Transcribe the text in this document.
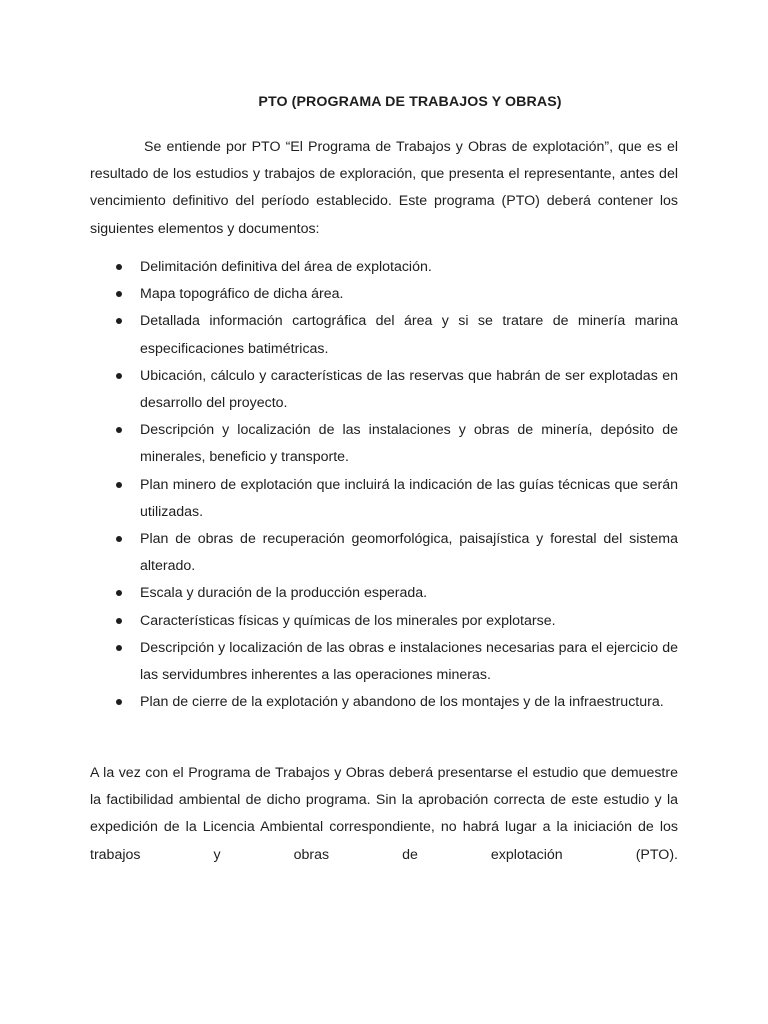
PTO (PROGRAMA DE TRABAJOS Y OBRAS)

Se entiende por PTO “El Programa de Trabajos y Obras de explotación”, que es el resultado de los estudios y trabajos de exploración, que presenta el representante, antes del vencimiento definitivo del período establecido. Este programa (PTO) deberá contener los siguientes elementos y documentos:

Delimitación definitiva del área de explotación.
Mapa topográfico de dicha área.
Detallada información cartográfica del área y si se tratare de minería marina especificaciones batimétricas.
Ubicación, cálculo y características de las reservas que habrán de ser explotadas en desarrollo del proyecto.
Descripción y localización de las instalaciones y obras de minería, depósito de minerales, beneficio y transporte.
Plan minero de explotación que incluirá la indicación de las guías técnicas que serán utilizadas.
Plan de obras de recuperación geomorfológica, paisajística y forestal del sistema alterado.
Escala y duración de la producción esperada.
Características físicas y químicas de los minerales por explotarse.
Descripción y localización de las obras e instalaciones necesarias para el ejercicio de las servidumbres inherentes a las operaciones mineras.
Plan de cierre de la explotación y abandono de los montajes y de la infraestructura.

A la vez con el Programa de Trabajos y Obras deberá presentarse el estudio que demuestre la factibilidad ambiental de dicho programa. Sin la aprobación correcta de este estudio y la expedición de la Licencia Ambiental correspondiente, no habrá lugar a la iniciación de los trabajos y obras de explotación (PTO).
